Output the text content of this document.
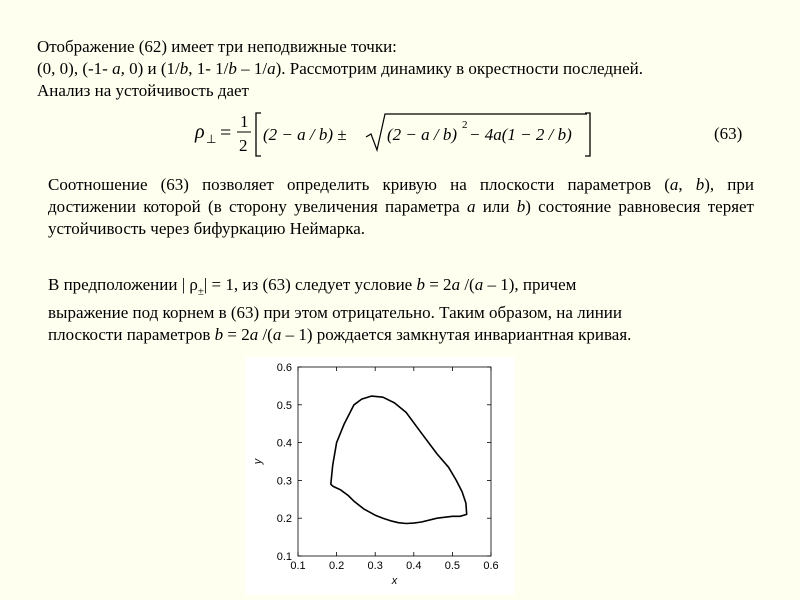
Отображение (62) имеет три неподвижные точки:
(0, 0), (-1- a, 0) и (1/b, 1- 1/b – 1/a). Рассмотрим динамику в окрестности последней.
Анализ на устойчивость дает
ρ ⊥ =
1
2
(2 − a / b) ± (2 − a / b) 2 − 4a(1 − 2 / b)	(63)
Соотношение (63) позволяет определить кривую на плоскости параметров (a, b), при достижении которой (в сторону увеличения параметра a или b) состояние равновесия теряет устойчивость через бифуркацию Неймарка.
В предположении | $\rho_\pm| = 1$, из (63) следует условие b = 2a /(a – 1), причем
выражение под корнем в (63) при этом отрицательно. Таким образом, на линии
плоскости параметров b = 2a /(a – 1) рождается замкнутая инвариантная кривая.
0.1 0.2 0.3 0.4 0.5 0.6
0.1
0.2
0.3
0.4
0.5
0.6
x
y
